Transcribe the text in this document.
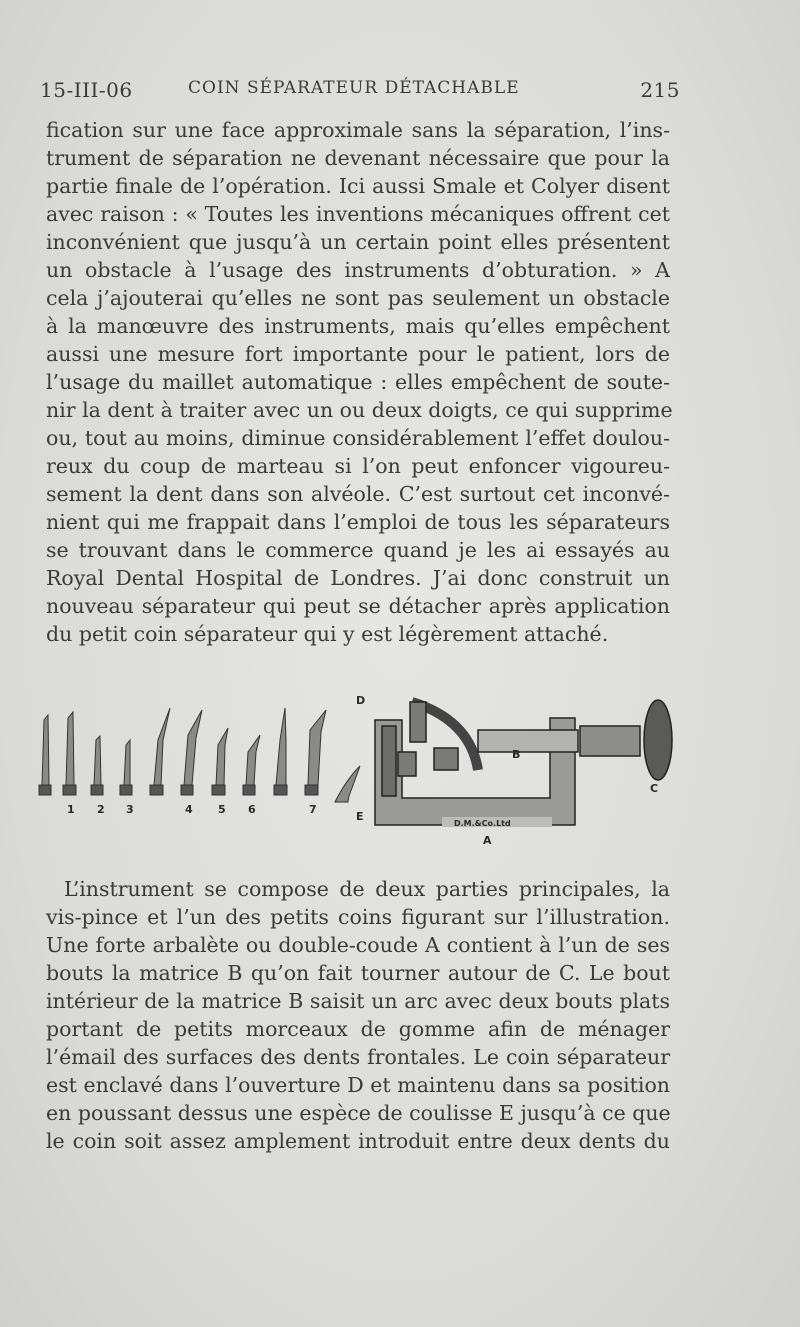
15-III-06	COIN SÉPARATEUR DÉTACHABLE	215
fication sur une face approximale sans la séparation, l’ins-
trument de séparation ne devenant nécessaire que pour la
partie finale de l’opération. Ici aussi Smale et Colyer disent
avec raison : « Toutes les inventions mécaniques offrent cet
inconvénient que jusqu’à un certain point elles présentent
un obstacle à l’usage des instruments d’obturation. » A
cela j’ajouterai qu’elles ne sont pas seulement un obstacle
à la manœuvre des instruments, mais qu’elles empêchent
aussi une mesure fort importante pour le patient, lors de
l’usage du maillet automatique : elles empêchent de soute-
nir la dent à traiter avec un ou deux doigts, ce qui supprime
ou, tout au moins, diminue considérablement l’effet doulou-
reux du coup de marteau si l’on peut enfoncer vigoureu-
sement la dent dans son alvéole. C’est surtout cet inconvé-
nient qui me frappait dans l’emploi de tous les séparateurs
se trouvant dans le commerce quand je les ai essayés au
Royal Dental Hospital de Londres. J’ai donc construit un
nouveau séparateur qui peut se détacher après application
du petit coin séparateur qui y est légèrement attaché.
1 2 3	4 5 6	7
D
E
A
B
C
D.M.&Co.Ltd
L’instrument se compose de deux parties principales, la
vis-pince et l’un des petits coins figurant sur l’illustration.
Une forte arbalète ou double-coude A contient à l’un de ses
bouts la matrice B qu’on fait tourner autour de C. Le bout
intérieur de la matrice B saisit un arc avec deux bouts plats
portant de petits morceaux de gomme afin de ménager
l’émail des surfaces des dents frontales. Le coin séparateur
est enclavé dans l’ouverture D et maintenu dans sa position
en poussant dessus une espèce de coulisse E jusqu’à ce que
le coin soit assez amplement introduit entre deux dents du
